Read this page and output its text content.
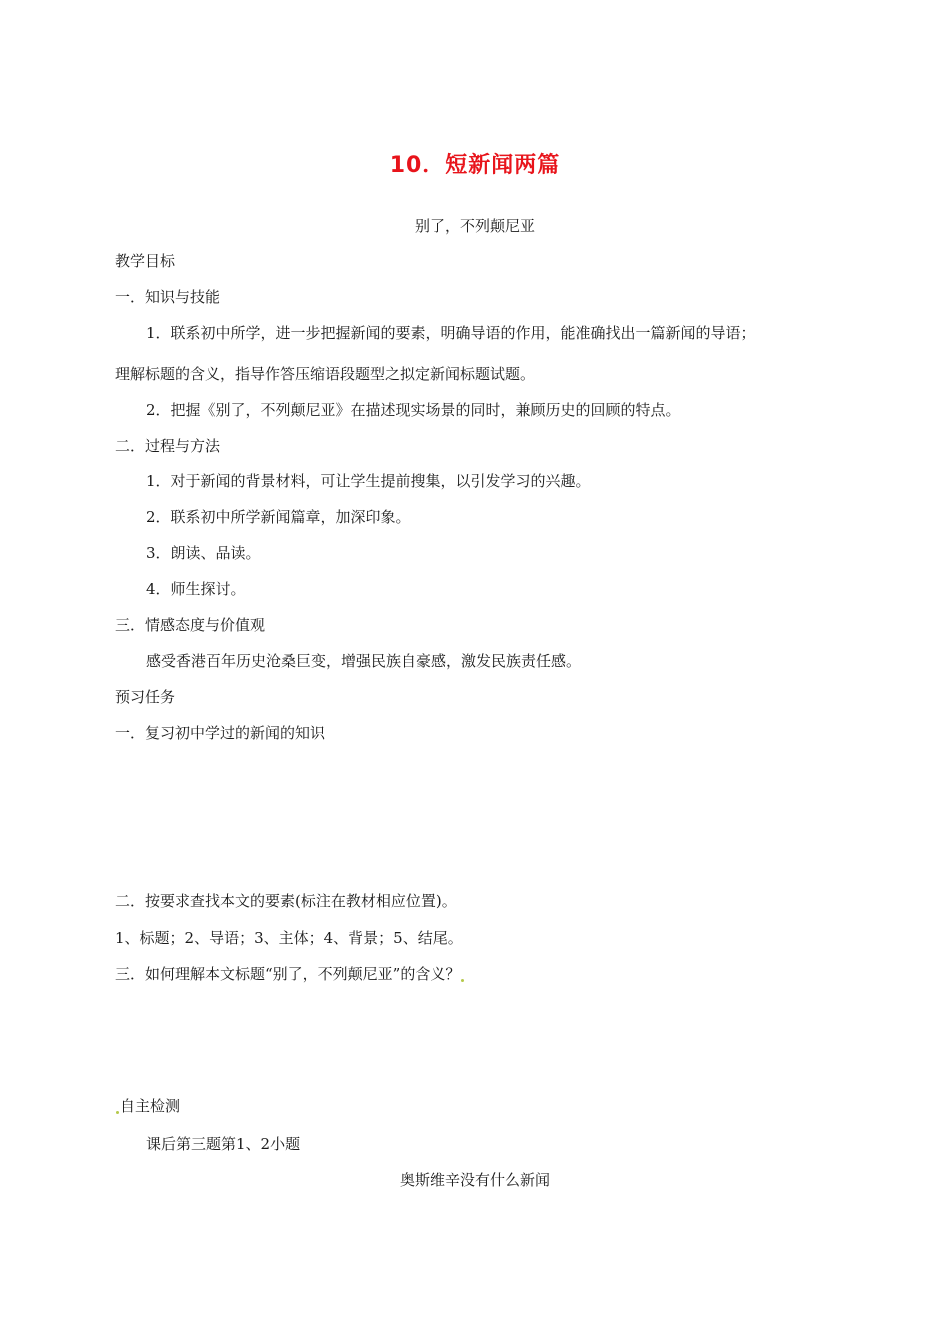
10．短新闻两篇
别了，不列颠尼亚
教学目标
一．知识与技能
1．联系初中所学，进一步把握新闻的要素，明确导语的作用，能准确找出一篇新闻的导语；
理解标题的含义，指导作答压缩语段题型之拟定新闻标题试题。
2．把握《别了，不列颠尼亚》在描述现实场景的同时，兼顾历史的回顾的特点。
二．过程与方法
1．对于新闻的背景材料，可让学生提前搜集，以引发学习的兴趣。
2．联系初中所学新闻篇章，加深印象。
3．朗读、品读。
4．师生探讨。
三．情感态度与价值观
感受香港百年历史沧桑巨变，增强民族自豪感，激发民族责任感。
预习任务
一．复习初中学过的新闻的知识
二．按要求查找本文的要素(标注在教材相应位置)。
1、标题；2、导语；3、主体；4、背景；5、结尾。
三．如何理解本文标题“别了，不列颠尼亚”的含义？
自主检测
课后第三题第1、2小题
奥斯维辛没有什么新闻
